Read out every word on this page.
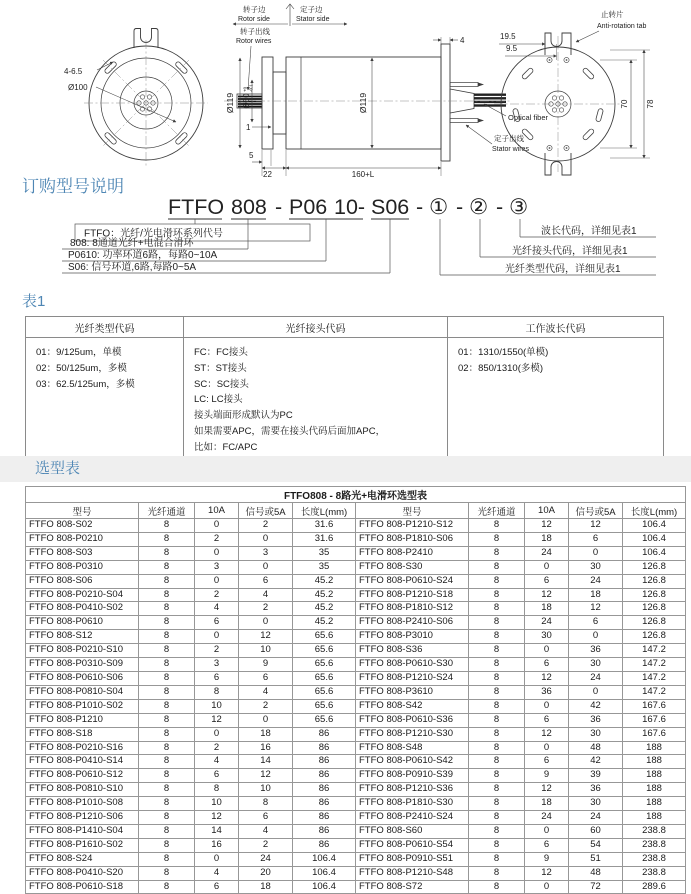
4-6.5
Ø100
转子边
Rotor side
定子边
Stator side
转子出线
Rotor wires
Ø119 Ø50
+0 -0.1
Ø119
1
5
22	160+L
4
Optical fiber
定子出线
Stator wires
19.5
9.5
止转片
Anti-rotation tab
70 78
订购型号说明
FTFO 808 - P06 10- S06 - ① - ② - ③
FTFO：光纤/光电滑环系列代号
808: 8通道光纤+电混合滑环
P0610: 功率环道6路，每路0~10A
S06: 信号环道,6路,每路0~5A
波长代码，详细见表1
光纤接头代码，详细见表1
光纤类型代码，详细见表1
表1
光纤类型代码	光纤接头代码	工作波长代码

01：9/125um，单模
02：50/125um，多模
03：62.5/125um，多模

FC：FC接头
ST：ST接头
SC：SC接头
LC: LC接头
接头端面形成默认为PC
如果需要APC，需要在接头代码后面加APC，
比如：FC/APC

01：1310/1550(单模)
02：850/1310(多模)
选型表
FTFO808 - 8路光+电滑环选型表									
型号	光纤通道	10A	信号或5A	长度L(mm)	型号	光纤通道	10A	信号或5A	长度L(mm)
FTFO 808-S02	8	0	2	31.6	FTFO 808-P1210-S12	8	12	12	106.4
FTFO 808-P0210	8	2	0	31.6	FTFO 808-P1810-S06	8	18	6	106.4
FTFO 808-S03	8	0	3	35	FTFO 808-P2410	8	24	0	106.4
FTFO 808-P0310	8	3	0	35	FTFO 808-S30	8	0	30	126.8
FTFO 808-S06	8	0	6	45.2	FTFO 808-P0610-S24	8	6	24	126.8
FTFO 808-P0210-S04	8	2	4	45.2	FTFO 808-P1210-S18	8	12	18	126.8
FTFO 808-P0410-S02	8	4	2	45.2	FTFO 808-P1810-S12	8	18	12	126.8
FTFO 808-P0610	8	6	0	45.2	FTFO 808-P2410-S06	8	24	6	126.8
FTFO 808-S12	8	0	12	65.6	FTFO 808-P3010	8	30	0	126.8
FTFO 808-P0210-S10	8	2	10	65.6	FTFO 808-S36	8	0	36	147.2
FTFO 808-P0310-S09	8	3	9	65.6	FTFO 808-P0610-S30	8	6	30	147.2
FTFO 808-P0610-S06	8	6	6	65.6	FTFO 808-P1210-S24	8	12	24	147.2
FTFO 808-P0810-S04	8	8	4	65.6	FTFO 808-P3610	8	36	0	147.2
FTFO 808-P1010-S02	8	10	2	65.6	FTFO 808-S42	8	0	42	167.6
FTFO 808-P1210	8	12	0	65.6	FTFO 808-P0610-S36	8	6	36	167.6
FTFO 808-S18	8	0	18	86	FTFO 808-P1210-S30	8	12	30	167.6
FTFO 808-P0210-S16	8	2	16	86	FTFO 808-S48	8	0	48	188
FTFO 808-P0410-S14	8	4	14	86	FTFO 808-P0610-S42	8	6	42	188
FTFO 808-P0610-S12	8	6	12	86	FTFO 808-P0910-S39	8	9	39	188
FTFO 808-P0810-S10	8	8	10	86	FTFO 808-P1210-S36	8	12	36	188
FTFO 808-P1010-S08	8	10	8	86	FTFO 808-P1810-S30	8	18	30	188
FTFO 808-P1210-S06	8	12	6	86	FTFO 808-P2410-S24	8	24	24	188
FTFO 808-P1410-S04	8	14	4	86	FTFO 808-S60	8	0	60	238.8
FTFO 808-P1610-S02	8	16	2	86	FTFO 808-P0610-S54	8	6	54	238.8
FTFO 808-S24	8	0	24	106.4	FTFO 808-P0910-S51	8	9	51	238.8
FTFO 808-P0410-S20	8	4	20	106.4	FTFO 808-P1210-S48	8	12	48	238.8
FTFO 808-P0610-S18	8	6	18	106.4	FTFO 808-S72	8	0	72	289.6
